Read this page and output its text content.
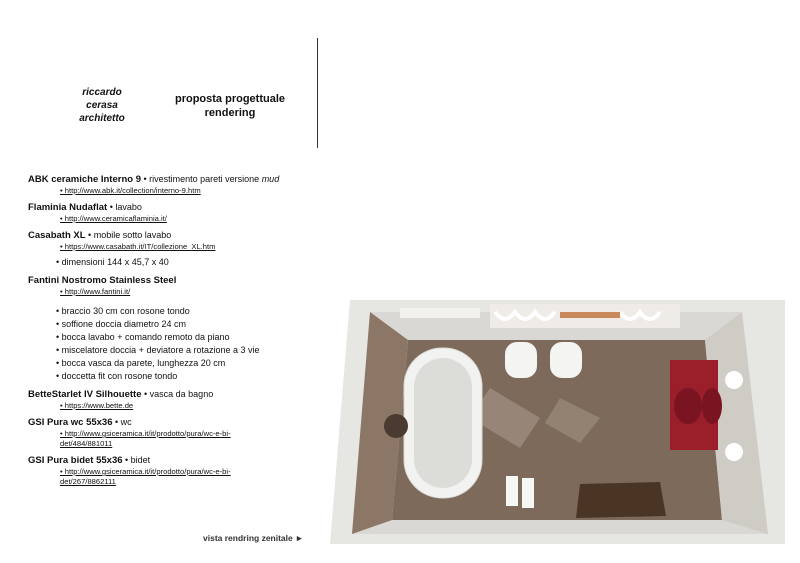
riccardo
cerasa
architetto
proposta progettuale
rendering
ABK ceramiche Interno 9 • rivestimento pareti versione mud
• http://www.abk.it/collection/interno-9.htm
Flaminia Nudaflat • lavabo
• http://www.ceramicaflaminia.it/
Casabath XL • mobile sotto lavabo
• https://www.casabath.it/IT/collezione_XL.htm
• dimensioni 144 x 45,7 x 40
Fantini Nostromo Stainless Steel
• http://www.fantini.it/
• braccio 30 cm con rosone tondo
• soffione doccia diametro 24 cm
• bocca lavabo + comando remoto da piano
• miscelatore doccia + deviatore a rotazione a 3 vie
• bocca vasca da parete, lunghezza 20 cm
• doccetta fit con rosone tondo
BetteStarlet IV Silhouette • vasca da bagno
• https://www.bette.de
GSI Pura wc 55x36 • wc
• http://www.gsiceramica.it/it/prodotto/pura/wc-e-bi-
det/484/881011
GSI Pura bidet 55x36 • bidet
• http://www.gsiceramica.it/it/prodotto/pura/wc-e-bi-
det/267/8862111
vista rendring zenitale ►
